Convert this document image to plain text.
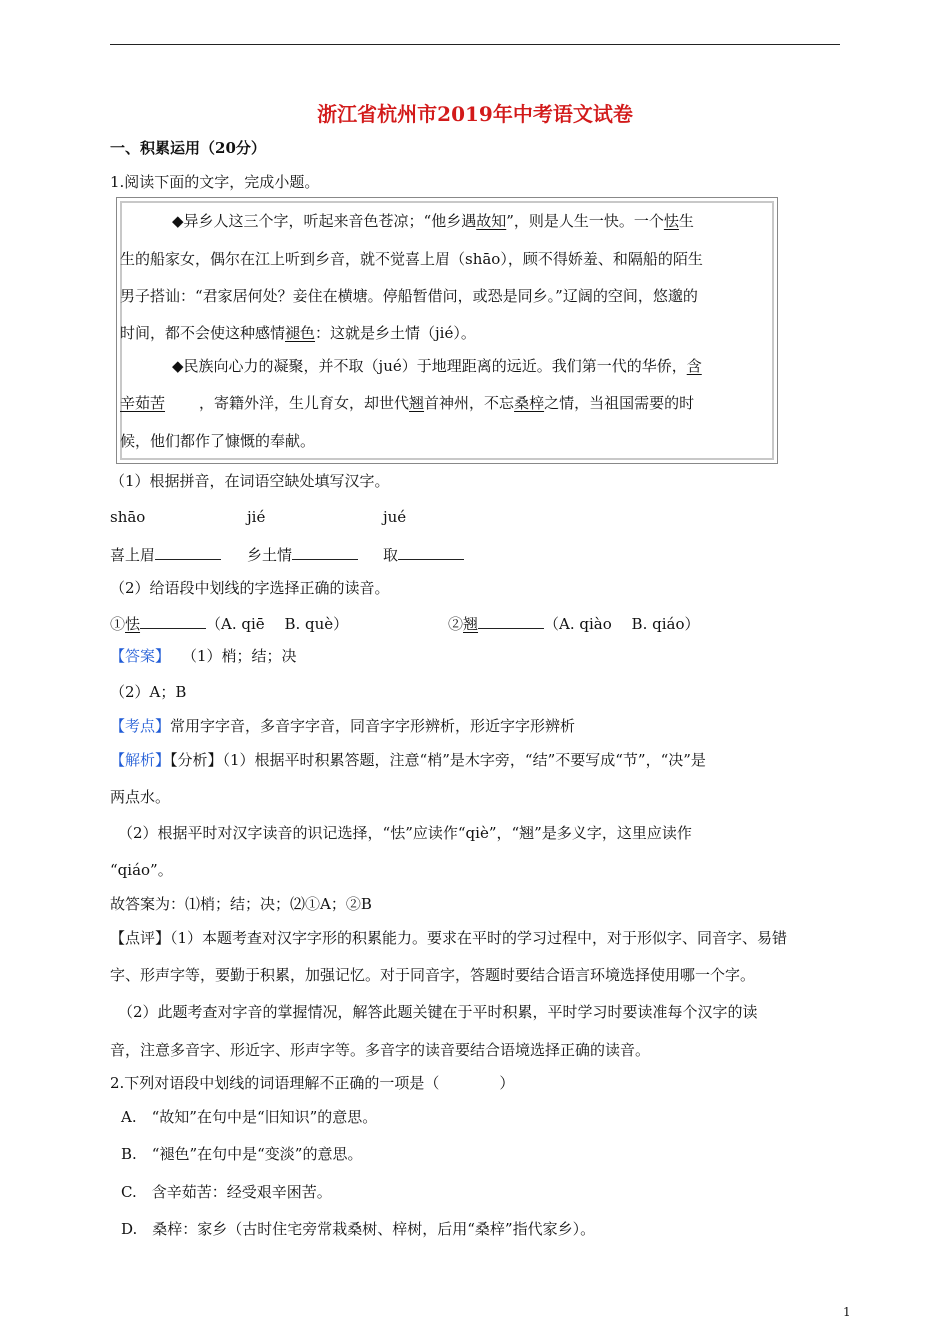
浙江省杭州市2019年中考语文试卷
一、积累运用（20分）
1.阅读下面的文字，完成小题。
◆异乡人这三个字，听起来音色苍凉；“他乡遇故知”，则是人生一快。一个怯生
生的船家女，偶尔在江上听到乡音，就不觉喜上眉（shāo），顾不得娇羞、和隔船的陌生
男子搭讪：“君家居何处？妾住在横塘。停船暂借问，或恐是同乡。”辽阔的空间，悠邈的
时间，都不会使这种感情褪色：这就是乡土情（jié）。
◆民族向心力的凝聚，并不取（jué）于地理距离的远近。我们第一代的华侨，含
辛茹苦 ，寄籍外洋，生儿育女，却世代翘首神州，不忘桑梓之情，当祖国需要的时
候，他们都作了慷慨的奉献。
（1）根据拼音，在词语空缺处填写汉字。
shāo	jié	jué
喜上眉	乡土情	取
（2）给语段中划线的字选择正确的读音。
①怯	（A. qiē　 B. què）	②翘	（A. qiào　 B. qiáo）
【答案】 （1）梢；结；决
（2）A；B
【考点】常用字字音，多音字字音，同音字字形辨析，形近字字形辨析
【解析】【分析】（1）根据平时积累答题，注意“梢”是木字旁，“结”不要写成“节”，“决”是
两点水。
（2）根据平时对汉字读音的识记选择，“怯”应读作“qiè”，“翘”是多义字，这里应读作
“qiáo”。
故答案为：⑴梢；结；决；⑵①A；②B
【点评】（1）本题考查对汉字字形的积累能力。要求在平时的学习过程中，对于形似字、同音字、易错
字、形声字等，要勤于积累，加强记忆。对于同音字，答题时要结合语言环境选择使用哪一个字。
（2）此题考查对字音的掌握情况，解答此题关键在于平时积累，平时学习时要读准每个汉字的读
音，注意多音字、形近字、形声字等。多音字的读音要结合语境选择正确的读音。
2.下列对语段中划线的词语理解不正确的一项是（　　　　）
A.　“故知”在句中是“旧知识”的意思。
B.　“褪色”在句中是“变淡”的意思。
C.　含辛茹苦：经受艰辛困苦。
D.　桑梓：家乡（古时住宅旁常栽桑树、梓树，后用“桑梓”指代家乡）。
1
